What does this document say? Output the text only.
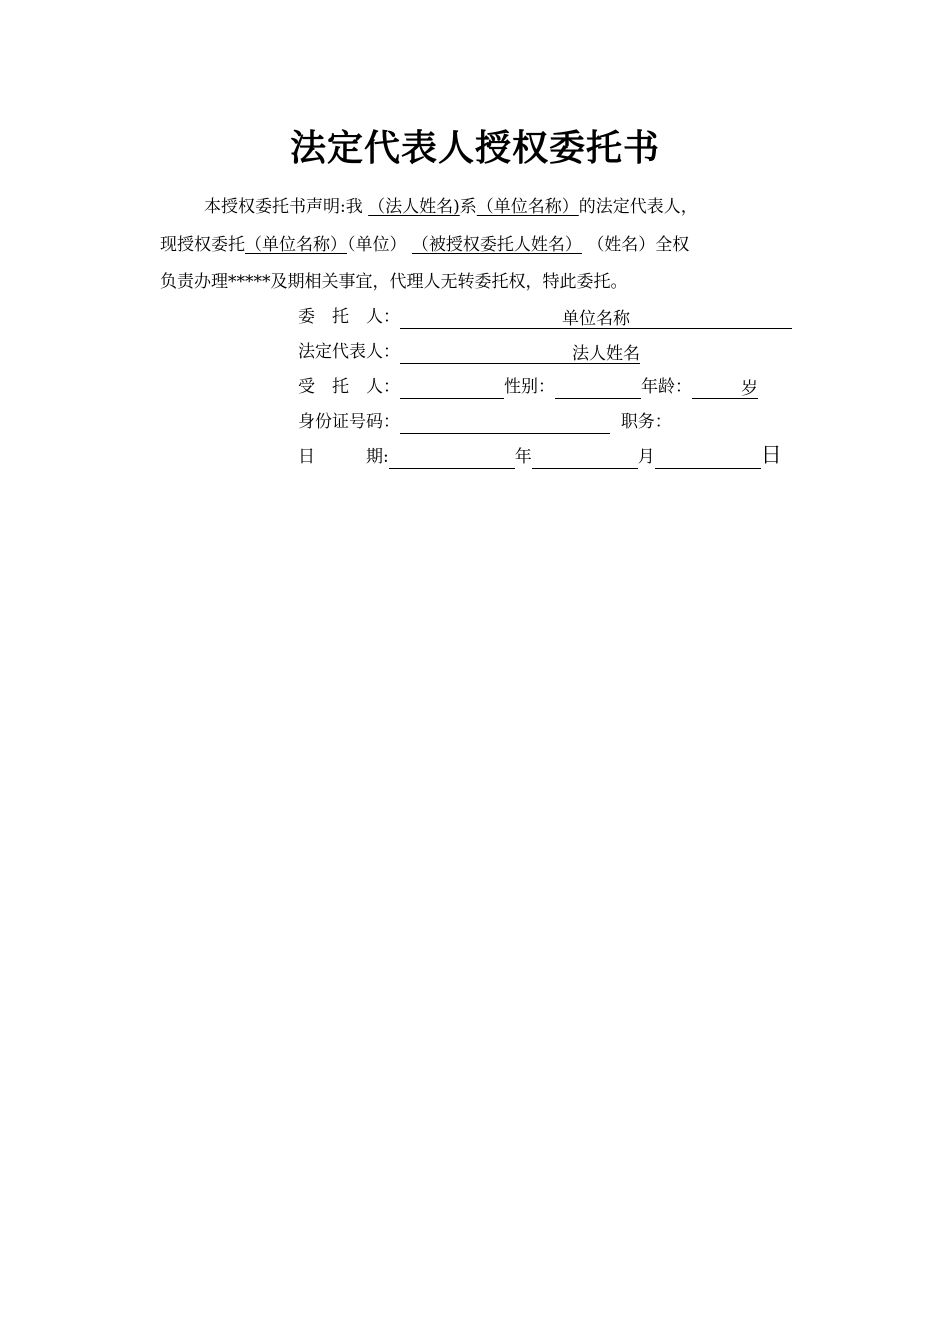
法定代表人授权委托书
本授权委托书声明:我 （法人姓名)系（单位名称）的法定代表人，
现授权委托（单位名称）（单位） （被授权委托人姓名） （姓名）全权
负责办理*****及期相关事宜，代理人无转委托权，特此委托。
委　托　人：	单位名称
法定代表人：	法人姓名
受　托　人：	性别：	年龄：	岁
身份证号码：	职务：
日　　　期:	年	月	日
